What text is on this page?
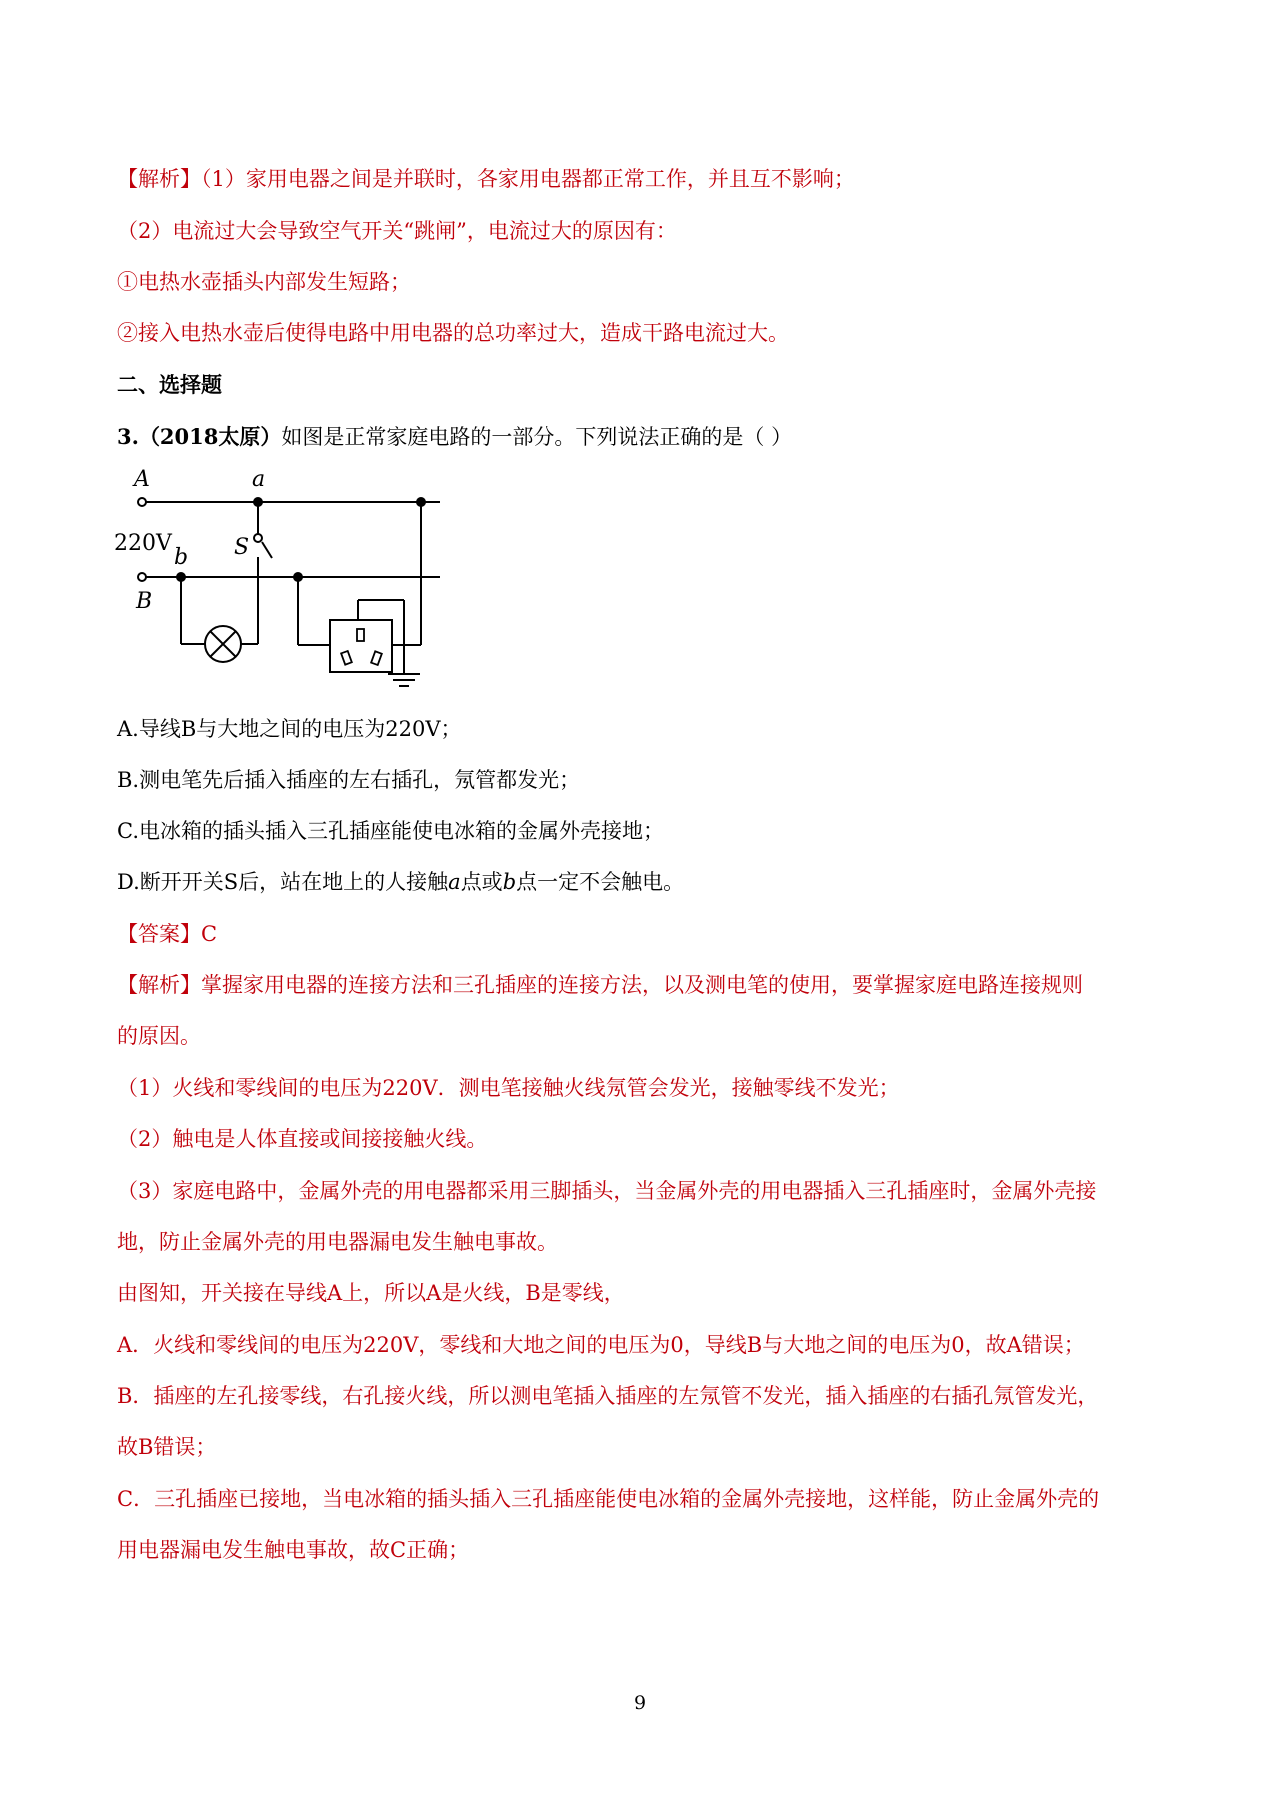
【解析】（1）家用电器之间是并联时，各家用电器都正常工作，并且互不影响；
（2）电流过大会导致空气开关“跳闸”，电流过大的原因有：
①电热水壶插头内部发生短路；
②接入电热水壶后使得电路中用电器的总功率过大，造成干路电流过大。
二、选择题
3.（2018太原）如图是正常家庭电路的一部分。下列说法正确的是（ ）
A	a
220V	S
b
B
A.导线B与大地之间的电压为220V；
B.测电笔先后插入插座的左右插孔，氖管都发光；
C.电冰箱的插头插入三孔插座能使电冰箱的金属外壳接地；
D.断开开关S后，站在地上的人接触a点或b点一定不会触电。
【答案】C
【解析】掌握家用电器的连接方法和三孔插座的连接方法，以及测电笔的使用，要掌握家庭电路连接规则
的原因。
（1）火线和零线间的电压为220V．测电笔接触火线氖管会发光，接触零线不发光；
（2）触电是人体直接或间接接触火线。
（3）家庭电路中，金属外壳的用电器都采用三脚插头，当金属外壳的用电器插入三孔插座时，金属外壳接
地，防止金属外壳的用电器漏电发生触电事故。
由图知，开关接在导线A上，所以A是火线，B是零线，
A．火线和零线间的电压为220V，零线和大地之间的电压为0，导线B与大地之间的电压为0，故A错误；
B．插座的左孔接零线，右孔接火线，所以测电笔插入插座的左氖管不发光，插入插座的右插孔氖管发光，
故B错误；
C．三孔插座已接地，当电冰箱的插头插入三孔插座能使电冰箱的金属外壳接地，这样能，防止金属外壳的
用电器漏电发生触电事故，故C正确；
9
